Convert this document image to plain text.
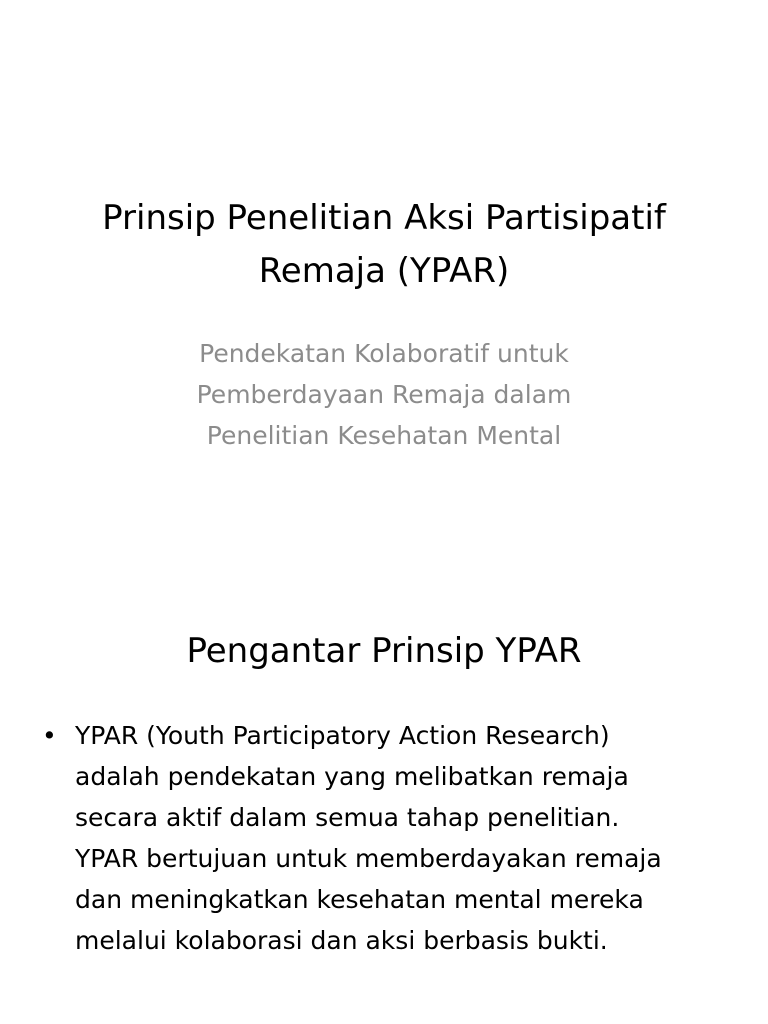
Prinsip Penelitian Aksi Partisipatif
Remaja (YPAR)
Pendekatan Kolaboratif untuk
Pemberdayaan Remaja dalam
Penelitian Kesehatan Mental
Pengantar Prinsip YPAR
• YPAR (Youth Participatory Action Research)
adalah pendekatan yang melibatkan remaja
secara aktif dalam semua tahap penelitian.
YPAR bertujuan untuk memberdayakan remaja
dan meningkatkan kesehatan mental mereka
melalui kolaborasi dan aksi berbasis bukti.
